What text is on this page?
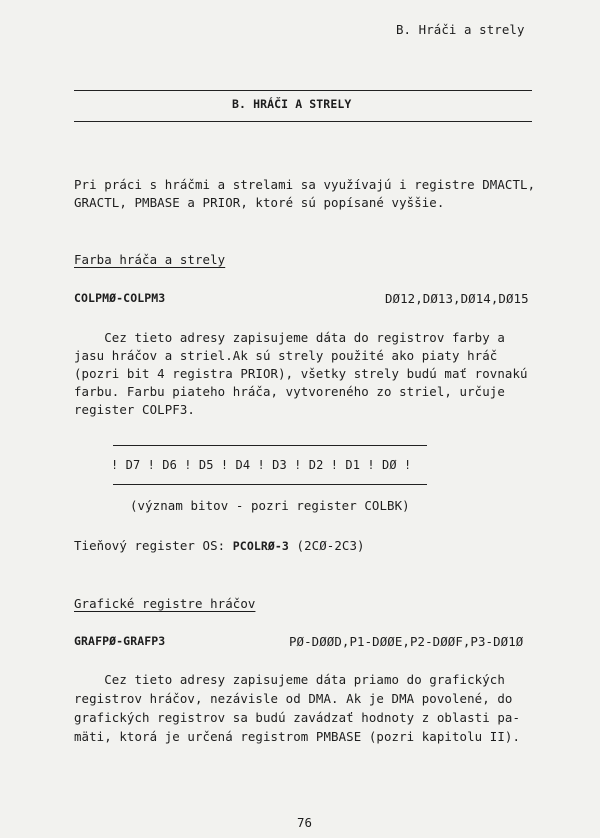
B. Hráči a strely
B. HRÁČI A STRELY
Pri práci s hráčmi a strelami sa využívajú i registre DMACTL,
GRACTL, PMBASE a PRIOR, ktoré sú popísané vyššie.
Farba hráča a strely
COLPMØ-COLPM3	DØ12,DØ13,DØ14,DØ15
Cez tieto adresy zapisujeme dáta do registrov farby a
jasu hráčov a striel.Ak sú strely použité ako piaty hráč
(pozri bit 4 registra PRIOR), všetky strely budú mať rovnakú
farbu. Farbu piateho hráča, vytvoreného zo striel, určuje
register COLPF3.
! D7 ! D6 ! D5 ! D4 ! D3 ! D2 ! D1 ! DØ !
(význam bitov - pozri register COLBK)
Tieňový register OS: PCOLRØ-3 (2CØ-2C3)
Grafické registre hráčov
GRAFPØ-GRAFP3	PØ-DØØD,P1-DØØE,P2-DØØF,P3-DØ1Ø
Cez tieto adresy zapisujeme dáta priamo do grafických
registrov hráčov, nezávisle od DMA. Ak je DMA povolené, do
grafických registrov sa budú zavádzať hodnoty z oblasti pa-
mäti, ktorá je určená registrom PMBASE (pozri kapitolu II).
76
